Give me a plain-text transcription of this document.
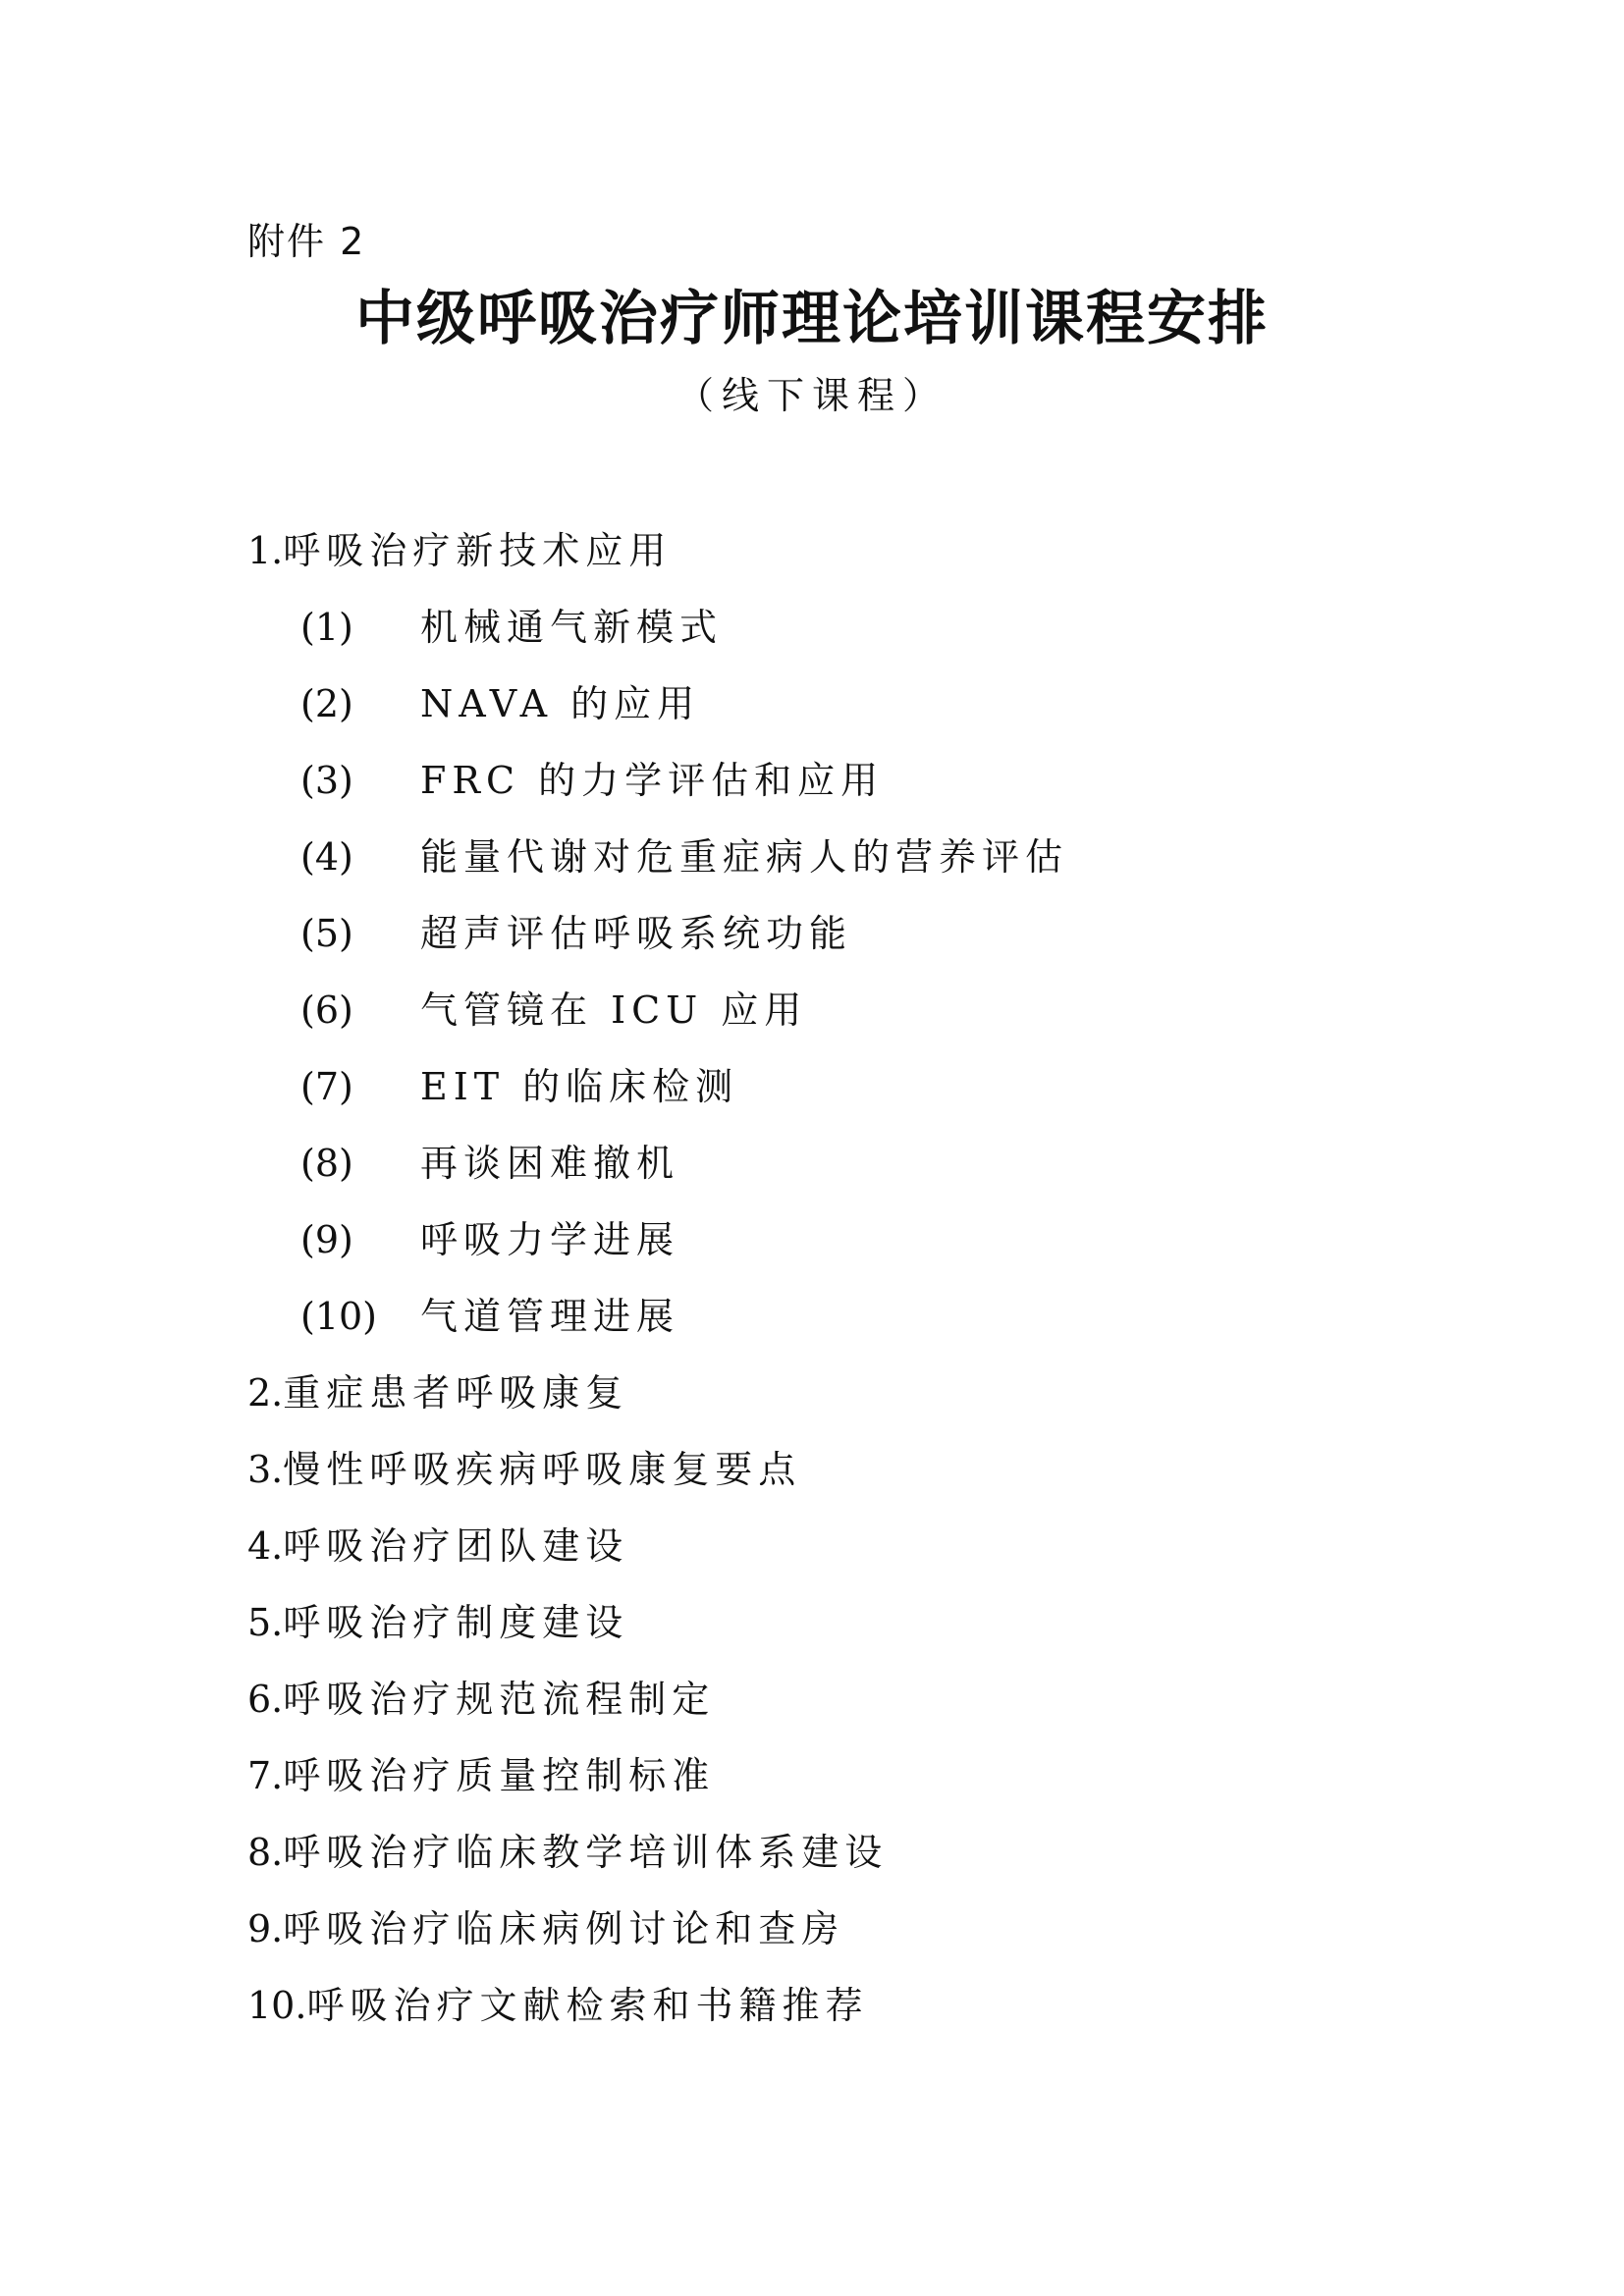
附件 2
中级呼吸治疗师理论培训课程安排
（线下课程）
1.呼吸治疗新技术应用
(1) 机械通气新模式
(2) NAVA 的应用
(3) FRC 的力学评估和应用
(4) 能量代谢对危重症病人的营养评估
(5) 超声评估呼吸系统功能
(6) 气管镜在 ICU 应用
(7) EIT 的临床检测
(8) 再谈困难撤机
(9) 呼吸力学进展
(10) 气道管理进展
2.重症患者呼吸康复
3.慢性呼吸疾病呼吸康复要点
4.呼吸治疗团队建设
5.呼吸治疗制度建设
6.呼吸治疗规范流程制定
7.呼吸治疗质量控制标准
8.呼吸治疗临床教学培训体系建设
9.呼吸治疗临床病例讨论和查房
10.呼吸治疗文献检索和书籍推荐
